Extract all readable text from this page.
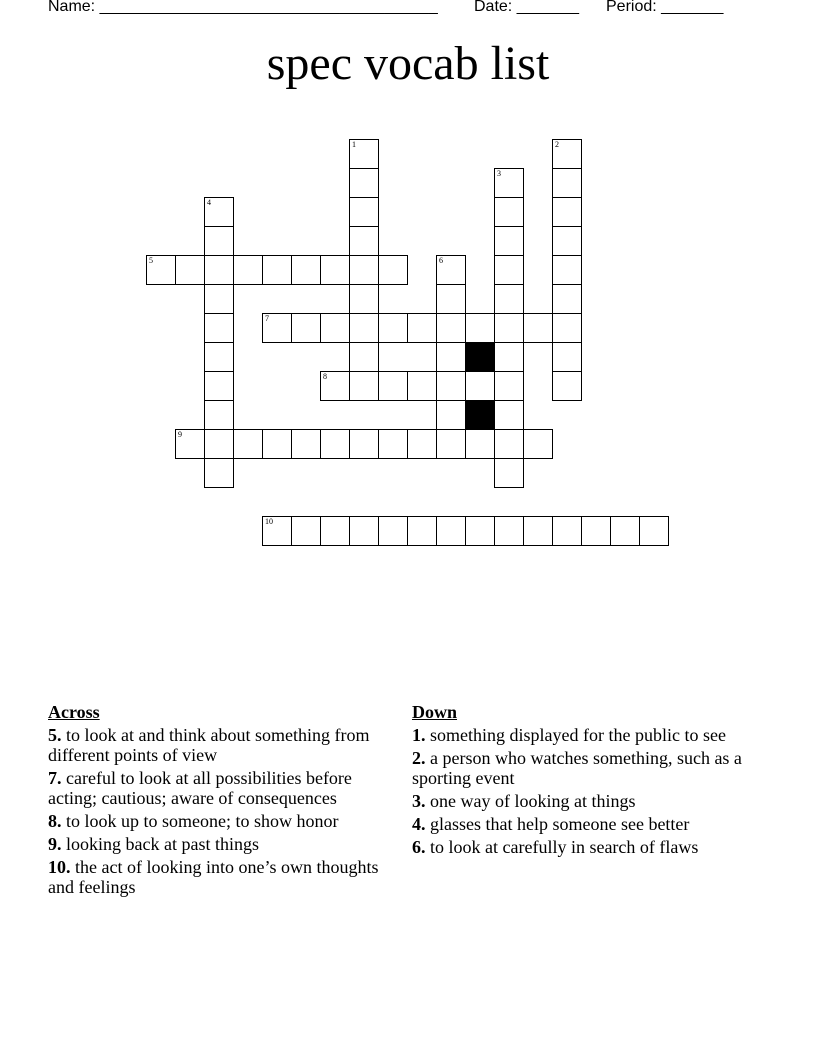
Name: ______________________________________ Date: _______ Period: _______
spec vocab list
1	2
3
4
5	6
7
8
9
10
Across
5. to look at and think about something from different points of view
7. careful to look at all possibilities before acting; cautious; aware of consequences
8. to look up to someone; to show honor
9. looking back at past things
10. the act of looking into one’s own thoughts and feelings
Down
1. something displayed for the public to see
2. a person who watches something, such as a sporting event
3. one way of looking at things
4. glasses that help someone see better
6. to look at carefully in search of flaws
